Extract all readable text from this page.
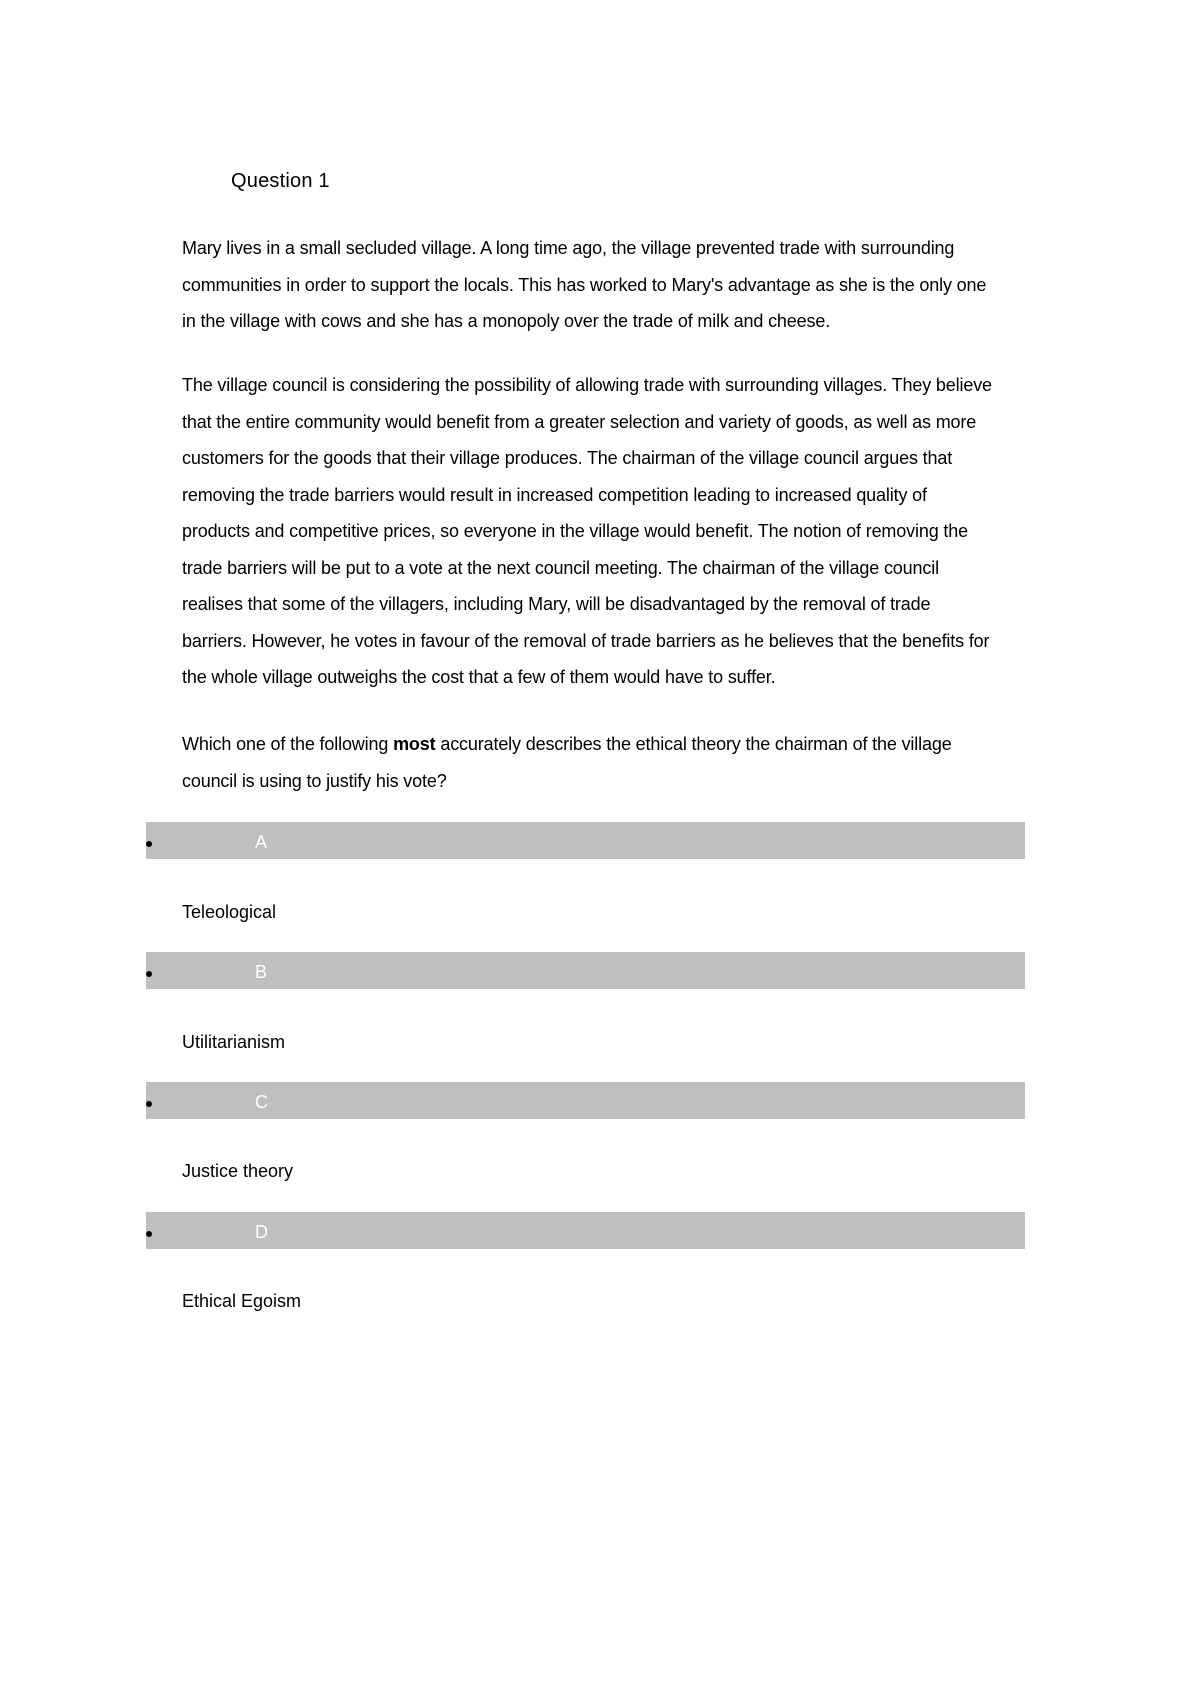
Question 1
Mary lives in a small secluded village. A long time ago, the village prevented trade with surrounding
communities in order to support the locals. This has worked to Mary's advantage as she is the only one
in the village with cows and she has a monopoly over the trade of milk and cheese.
The village council is considering the possibility of allowing trade with surrounding villages. They believe
that the entire community would benefit from a greater selection and variety of goods, as well as more
customers for the goods that their village produces. The chairman of the village council argues that
removing the trade barriers would result in increased competition leading to increased quality of
products and competitive prices, so everyone in the village would benefit. The notion of removing the
trade barriers will be put to a vote at the next council meeting. The chairman of the village council
realises that some of the villagers, including Mary, will be disadvantaged by the removal of trade
barriers. However, he votes in favour of the removal of trade barriers as he believes that the benefits for
the whole village outweighs the cost that a few of them would have to suffer.
Which one of the following most accurately describes the ethical theory the chairman of the village
council is using to justify his vote?
A
Teleological
B
Utilitarianism
C
Justice theory
D
Ethical Egoism
